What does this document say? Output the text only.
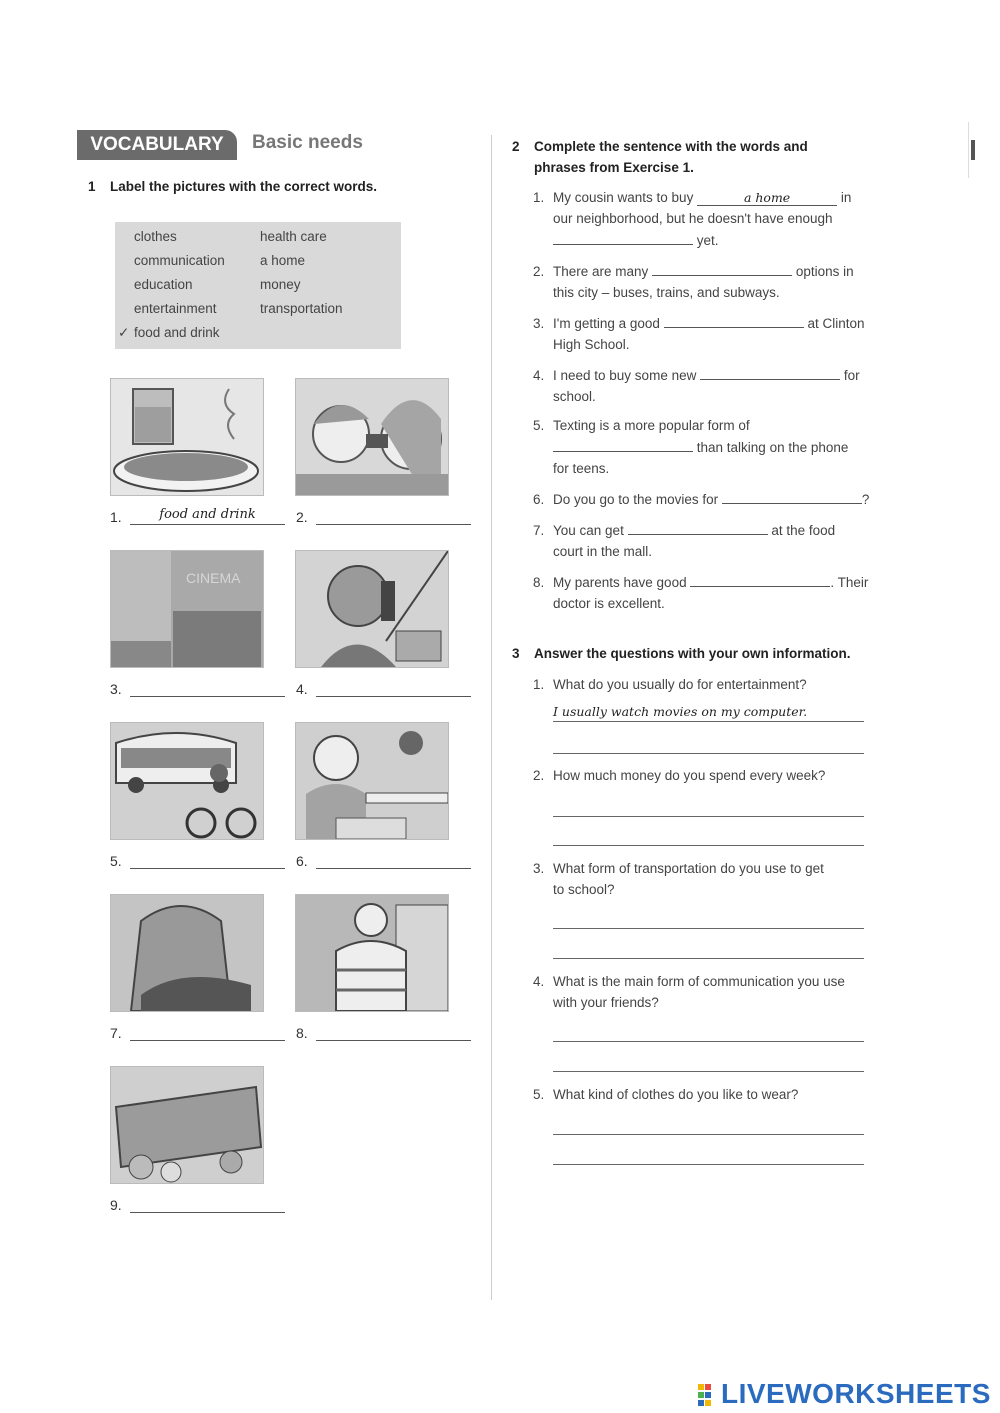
VOCABULARY	Basic needs
1 Label the pictures with the correct words.
clothes	health care
communication	a home
education	money
entertainment	transportation
✓ food and drink
1.	food and drink	2.
CINEMA
3.	4.
5.	6.
7.	8.
9.
2 Complete the sentence with the words and
phrases from Exercise 1.
1. My cousin wants to buy	a home	in
our neighborhood, but he doesn't have enough
yet.
2. There are many	options in
this city – buses, trains, and subways.
3. I'm getting a good	at Clinton
High School.
4. I need to buy some new	for
school.
5. Texting is a more popular form of
than talking on the phone
for teens.
6. Do you go to the movies for	?
7. You can get	at the food
court in the mall.
8. My parents have good	. Their
doctor is excellent.
3 Answer the questions with your own information.
1. What do you usually do for entertainment?
I usually watch movies on my computer.
2. How much money do you spend every week?
3. What form of transportation do you use to get
to school?
4. What is the main form of communication you use
with your friends?
5. What kind of clothes do you like to wear?
LIVEWORKSHEETS
